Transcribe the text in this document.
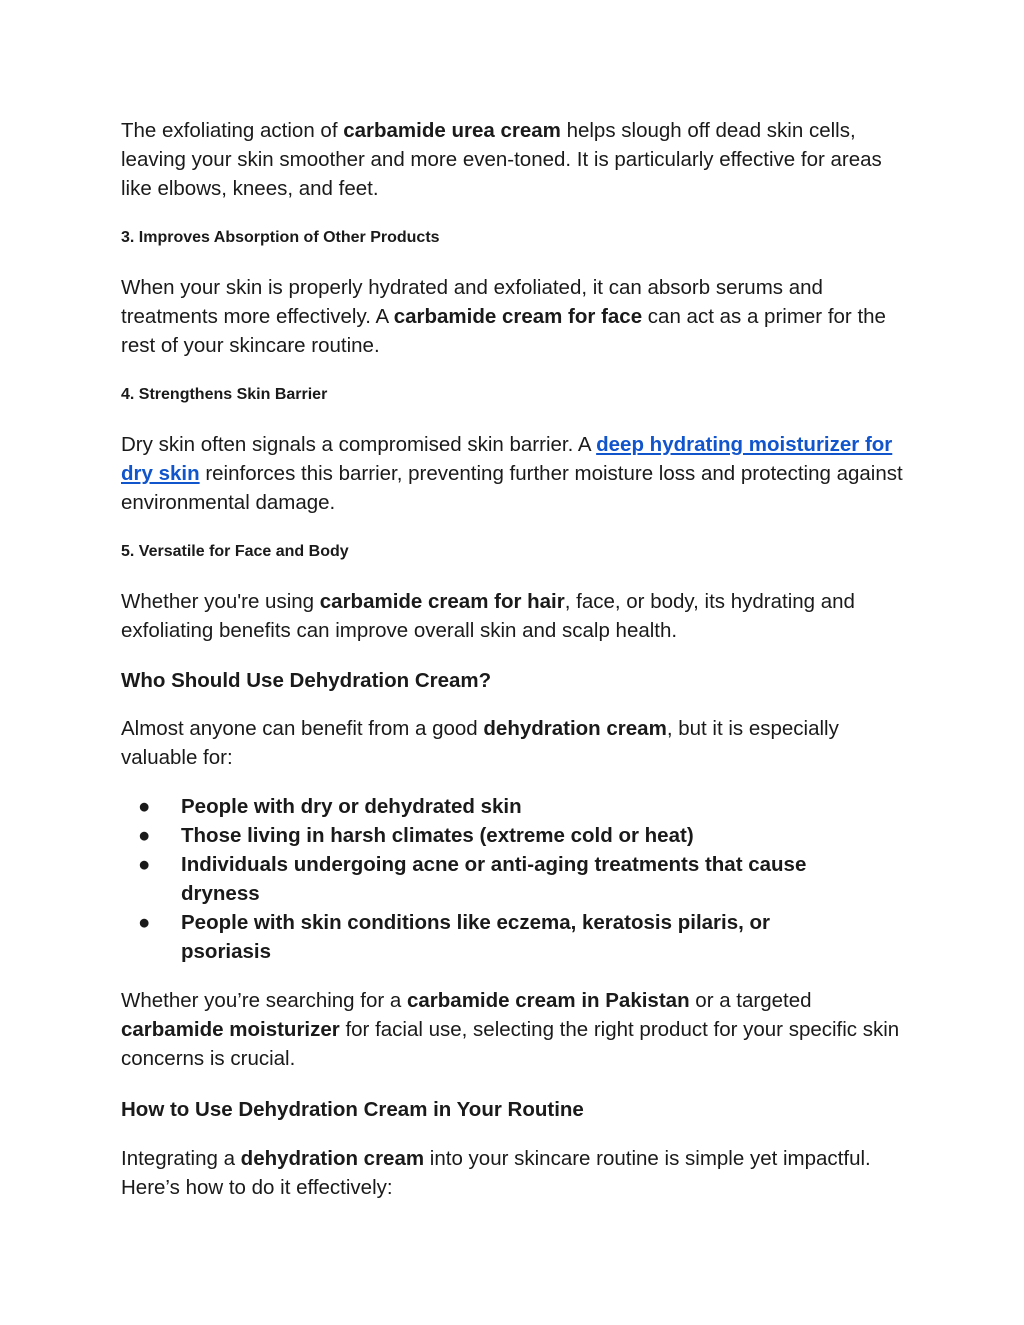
The exfoliating action of carbamide urea cream helps slough off dead skin cells, leaving your skin smoother and more even-toned. It is particularly effective for areas like elbows, knees, and feet.

3. Improves Absorption of Other Products

When your skin is properly hydrated and exfoliated, it can absorb serums and treatments more effectively. A carbamide cream for face can act as a primer for the rest of your skincare routine.

4. Strengthens Skin Barrier

Dry skin often signals a compromised skin barrier. A deep hydrating moisturizer for dry skin reinforces this barrier, preventing further moisture loss and protecting against environmental damage.

5. Versatile for Face and Body

Whether you're using carbamide cream for hair, face, or body, its hydrating and exfoliating benefits can improve overall skin and scalp health.

Who Should Use Dehydration Cream?

Almost anyone can benefit from a good dehydration cream, but it is especially valuable for:

● People with dry or dehydrated skin
● Those living in harsh climates (extreme cold or heat)
● Individuals undergoing acne or anti-aging treatments that cause dryness
● People with skin conditions like eczema, keratosis pilaris, or psoriasis

Whether you’re searching for a carbamide cream in Pakistan or a targeted carbamide moisturizer for facial use, selecting the right product for your specific skin concerns is crucial.

How to Use Dehydration Cream in Your Routine

Integrating a dehydration cream into your skincare routine is simple yet impactful. Here’s how to do it effectively:
